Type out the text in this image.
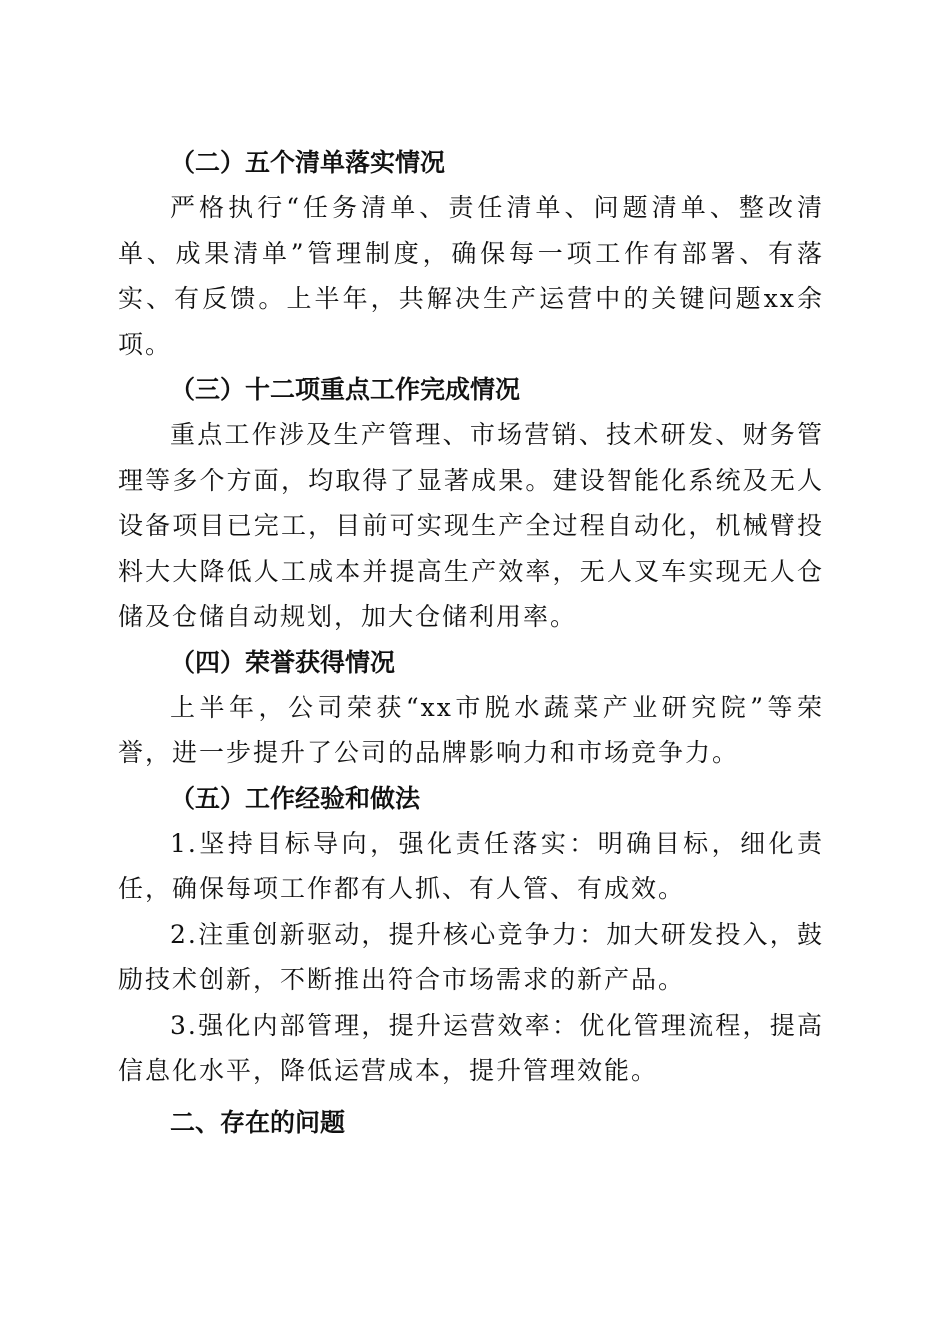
（二）五个清单落实情况

严格执行“任务清单、责任清单、问题清单、整改清单、成果清单”管理制度，确保每一项工作有部署、有落实、有反馈。上半年，共解决生产运营中的关键问题xx余项。

（三）十二项重点工作完成情况

重点工作涉及生产管理、市场营销、技术研发、财务管理等多个方面，均取得了显著成果。建设智能化系统及无人设备项目已完工，目前可实现生产全过程自动化，机械臂投料大大降低人工成本并提高生产效率，无人叉车实现无人仓储及仓储自动规划，加大仓储利用率。

（四）荣誉获得情况

上半年，公司荣获“xx市脱水蔬菜产业研究院”等荣誉，进一步提升了公司的品牌影响力和市场竞争力。

（五）工作经验和做法

1.坚持目标导向，强化责任落实：明确目标，细化责任，确保每项工作都有人抓、有人管、有成效。

2.注重创新驱动，提升核心竞争力：加大研发投入，鼓励技术创新，不断推出符合市场需求的新产品。

3.强化内部管理，提升运营效率：优化管理流程，提高信息化水平，降低运营成本，提升管理效能。

二、存在的问题
